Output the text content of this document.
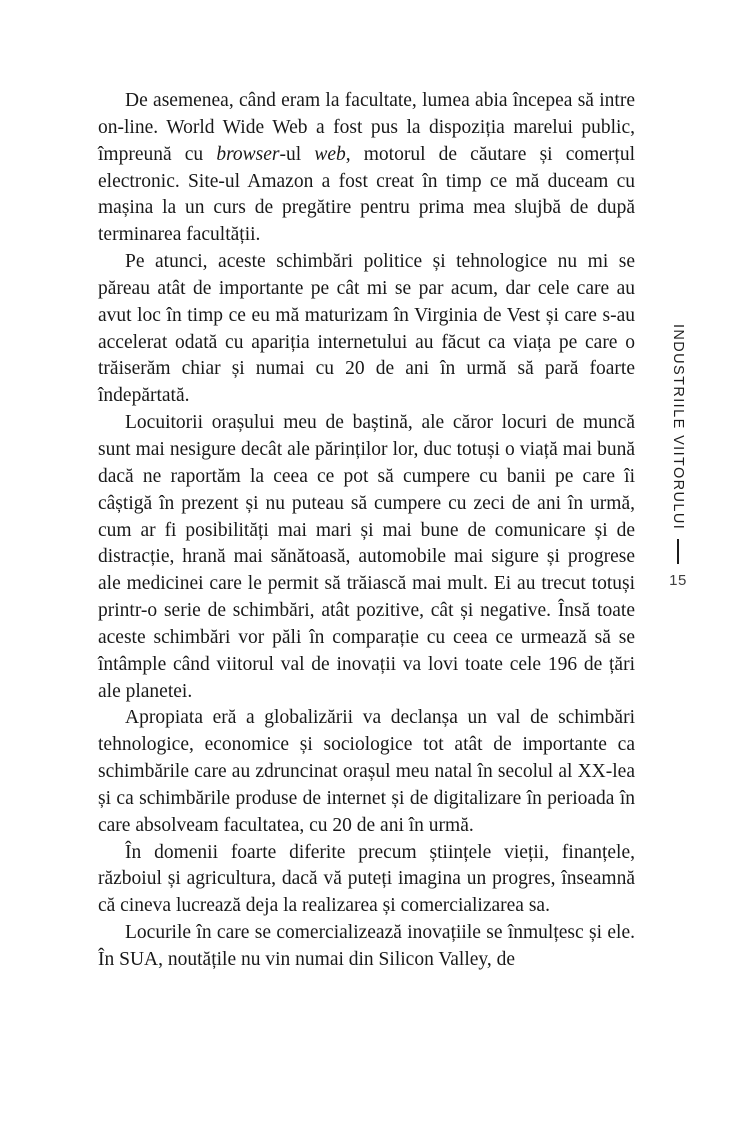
De asemenea, când eram la facultate, lumea abia începea să intre on-line. World Wide Web a fost pus la dispoziția marelui public, împreună cu browser-ul web, motorul de căutare și comerțul electronic. Site-ul Amazon a fost creat în timp ce mă duceam cu mașina la un curs de pregătire pentru prima mea slujbă de după terminarea facultății.

Pe atunci, aceste schimbări politice și tehnologice nu mi se păreau atât de importante pe cât mi se par acum, dar cele care au avut loc în timp ce eu mă maturizam în Virginia de Vest și care s-au accelerat odată cu apariția internetului au făcut ca viața pe care o trăiserăm chiar și numai cu 20 de ani în urmă să pară foarte îndepărtată.

Locuitorii orașului meu de baștină, ale căror locuri de muncă sunt mai nesigure decât ale părinților lor, duc totuși o viață mai bună dacă ne raportăm la ceea ce pot să cumpere cu banii pe care îi câștigă în prezent și nu puteau să cumpere cu zeci de ani în urmă, cum ar fi posibilități mai mari și mai bune de comunicare și de distracție, hrană mai sănătoasă, automobile mai sigure și progrese ale medicinei care le permit să trăiască mai mult. Ei au trecut totuși printr-o serie de schimbări, atât pozitive, cât și negative. Însă toate aceste schimbări vor păli în comparație cu ceea ce urmează să se întâmple când viitorul val de inovații va lovi toate cele 196 de țări ale planetei.

Apropiata eră a globalizării va declanșa un val de schimbări tehnologice, economice și sociologice tot atât de importante ca schimbările care au zdruncinat orașul meu natal în secolul al XX-lea și ca schimbările produse de internet și de digitalizare în perioada în care absolveam facultatea, cu 20 de ani în urmă.

În domenii foarte diferite precum științele vieții, finanțele, războiul și agricultura, dacă vă puteți imagina un progres, înseamnă că cineva lucrează deja la realizarea și comercializarea sa.

Locurile în care se comercializează inovațiile se înmulțesc și ele. În SUA, noutățile nu vin numai din Silicon Valley, de

INDUSTRIILE VIITORULUI
15
